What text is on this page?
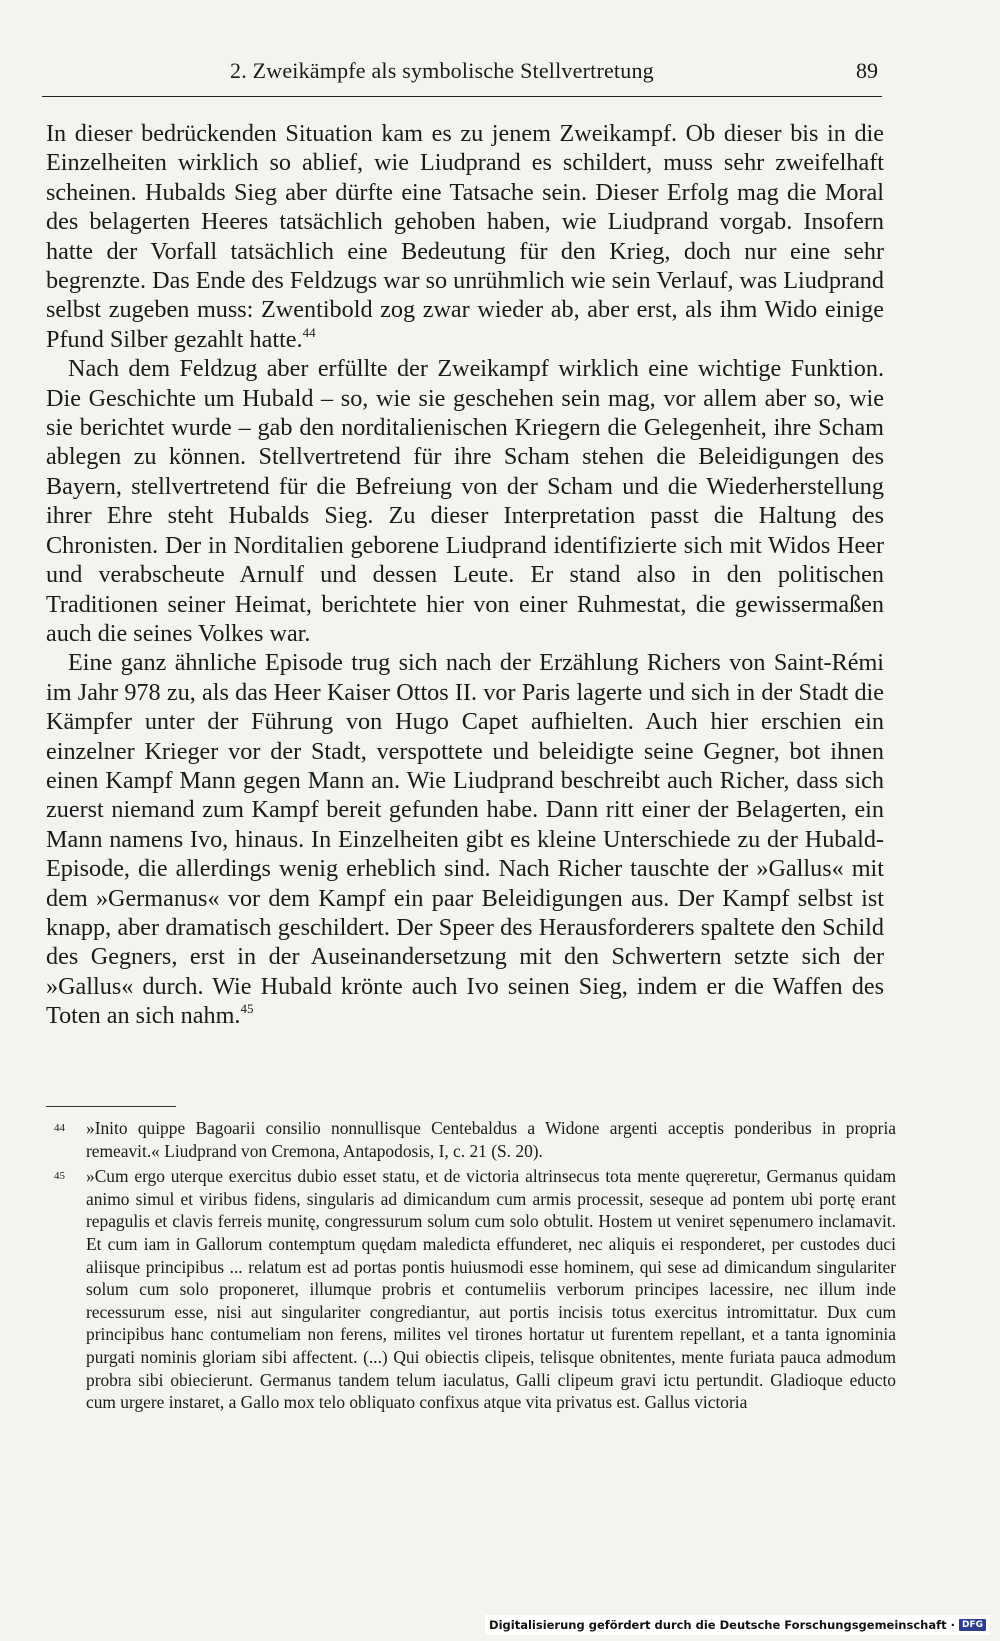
2. Zweikämpfe als symbolische Stellvertretung	89

In dieser bedrückenden Situation kam es zu jenem Zweikampf. Ob dieser bis in die Einzelheiten wirklich so ablief, wie Liudprand es schildert, muss sehr zweifelhaft scheinen. Hubalds Sieg aber dürfte eine Tatsache sein. Dieser Erfolg mag die Moral des belagerten Heeres tatsächlich gehoben haben, wie Liudprand vorgab. Insofern hatte der Vorfall tatsächlich eine Bedeutung für den Krieg, doch nur eine sehr begrenzte. Das Ende des Feldzugs war so unrühmlich wie sein Verlauf, was Liudprand selbst zugeben muss: Zwentibold zog zwar wieder ab, aber erst, als ihm Wido einige Pfund Silber gezahlt hatte.$^{44}$

Nach dem Feldzug aber erfüllte der Zweikampf wirklich eine wichtige Funktion. Die Geschichte um Hubald – so, wie sie geschehen sein mag, vor allem aber so, wie sie berichtet wurde – gab den norditalienischen Kriegern die Gelegenheit, ihre Scham ablegen zu können. Stellvertretend für ihre Scham stehen die Beleidigungen des Bayern, stellvertretend für die Befreiung von der Scham und die Wiederherstellung ihrer Ehre steht Hubalds Sieg. Zu dieser Interpretation passt die Haltung des Chronisten. Der in Norditalien geborene Liudprand identifizierte sich mit Widos Heer und verabscheute Arnulf und dessen Leute. Er stand also in den politischen Traditionen seiner Heimat, berichtete hier von einer Ruhmestat, die gewissermaßen auch die seines Volkes war.

Eine ganz ähnliche Episode trug sich nach der Erzählung Richers von Saint-Rémi im Jahr 978 zu, als das Heer Kaiser Ottos II. vor Paris lagerte und sich in der Stadt die Kämpfer unter der Führung von Hugo Capet aufhielten. Auch hier erschien ein einzelner Krieger vor der Stadt, verspottete und beleidigte seine Gegner, bot ihnen einen Kampf Mann gegen Mann an. Wie Liudprand beschreibt auch Richer, dass sich zuerst niemand zum Kampf bereit gefunden habe. Dann ritt einer der Belagerten, ein Mann namens Ivo, hinaus. In Einzelheiten gibt es kleine Unterschiede zu der Hubald-Episode, die allerdings wenig erheblich sind. Nach Richer tauschte der »Gallus« mit dem »Germanus« vor dem Kampf ein paar Beleidigungen aus. Der Kampf selbst ist knapp, aber dramatisch geschildert. Der Speer des Herausforderers spaltete den Schild des Gegners, erst in der Auseinandersetzung mit den Schwertern setzte sich der »Gallus« durch. Wie Hubald krönte auch Ivo seinen Sieg, indem er die Waffen des Toten an sich nahm.$^{45}$

44 »Inito quippe Bagoarii consilio nonnullisque Centebaldus a Widone argenti acceptis ponderibus in propria remeavit.« Liudprand von Cremona, Antapodosis, I, c. 21 (S. 20).
45 »Cum ergo uterque exercitus dubio esset statu, et de victoria altrinsecus tota mente quęreretur, Germanus quidam animo simul et viribus fidens, singularis ad dimicandum cum armis processit, seseque ad pontem ubi portę erant repagulis et clavis ferreis munitę, congressurum solum cum solo obtulit. Hostem ut veniret sępenumero inclamavit. Et cum iam in Gallorum contemptum quędam maledicta effunderet, nec aliquis ei responderet, per custodes duci aliisque principibus ... relatum est ad portas pontis huiusmodi esse hominem, qui sese ad dimicandum singulariter solum cum solo proponeret, illumque probris et contumeliis verborum principes lacessire, nec illum inde recessurum esse, nisi aut singulariter congrediantur, aut portis incisis totus exercitus intromittatur. Dux cum principibus hanc contumeliam non ferens, milites vel tirones hortatur ut furentem repellant, et a tanta ignominia purgati nominis gloriam sibi affectent. (...) Qui obiectis clipeis, telisque obnitentes, mente furiata pauca admodum probra sibi obiecierunt. Germanus tandem telum iaculatus, Galli clipeum gravi ictu pertundit. Gladioque educto cum urgere instaret, a Gallo mox telo obliquato confixus atque vita privatus est. Gallus victoria
Digitalisierung gefördert durch die Deutsche Forschungsgemeinschaft · DFG
